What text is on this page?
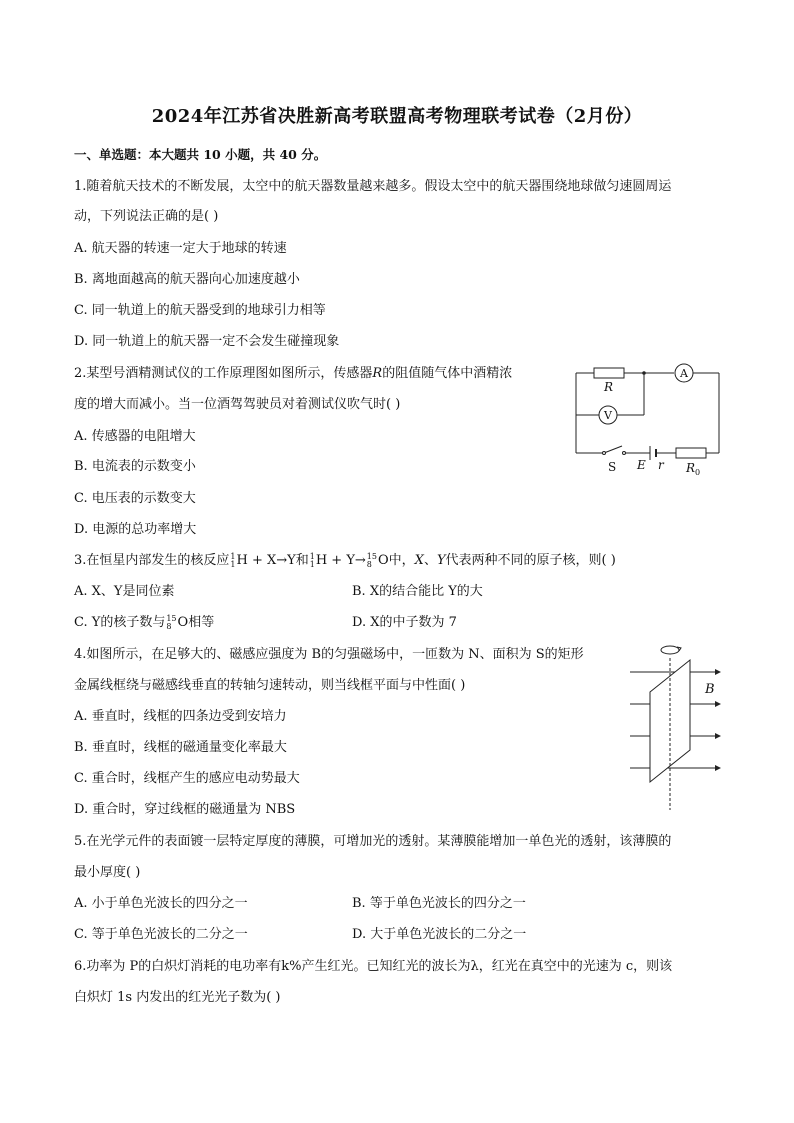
2024年江苏省决胜新高考联盟高考物理联考试卷（2月份）
一、单选题：本大题共 10 小题，共 40 分。
1.随着航天技术的不断发展，太空中的航天器数量越来越多。假设太空中的航天器围绕地球做匀速圆周运
动，下列说法正确的是( )
A. 航天器的转速一定大于地球的转速
B. 离地面越高的航天器向心加速度越小
C. 同一轨道上的航天器受到的地球引力相等
D. 同一轨道上的航天器一定不会发生碰撞现象
2.某型号酒精测试仪的工作原理图如图所示，传感器R的阻值随气体中酒精浓
度的增大而减小。当一位酒驾驾驶员对着测试仪吹气时( )
A. 传感器的电阻增大
B. 电流表的示数变小
C. 电压表的示数变大
D. 电源的总功率增大
R
A
V
S E r R 0
3.在恒星内部发生的核反应 1
1 H + X→Y和 1
1 H + Y→ 15
8 O中，X、Y代表两种不同的原子核，则( )
A. X、Y是同位素	B. X的结合能比 Y的大
C. Y的核子数与 15
8 O相等	D. X的中子数为 7
4.如图所示，在足够大的、磁感应强度为 B的匀强磁场中，一匝数为 N、面积为 S的矩形
金属线框绕与磁感线垂直的转轴匀速转动，则当线框平面与中性面( )
A. 垂直时，线框的四条边受到安培力
B. 垂直时，线框的磁通量变化率最大
C. 重合时，线框产生的感应电动势最大
D. 重合时，穿过线框的磁通量为 NBS
B
5.在光学元件的表面镀一层特定厚度的薄膜，可增加光的透射。某薄膜能增加一单色光的透射，该薄膜的
最小厚度( )
A. 小于单色光波长的四分之一	B. 等于单色光波长的四分之一
C. 等于单色光波长的二分之一	D. 大于单色光波长的二分之一
6.功率为 P的白炽灯消耗的电功率有k%产生红光。已知红光的波长为λ，红光在真空中的光速为 c，则该
白炽灯 1s 内发出的红光光子数为( )
